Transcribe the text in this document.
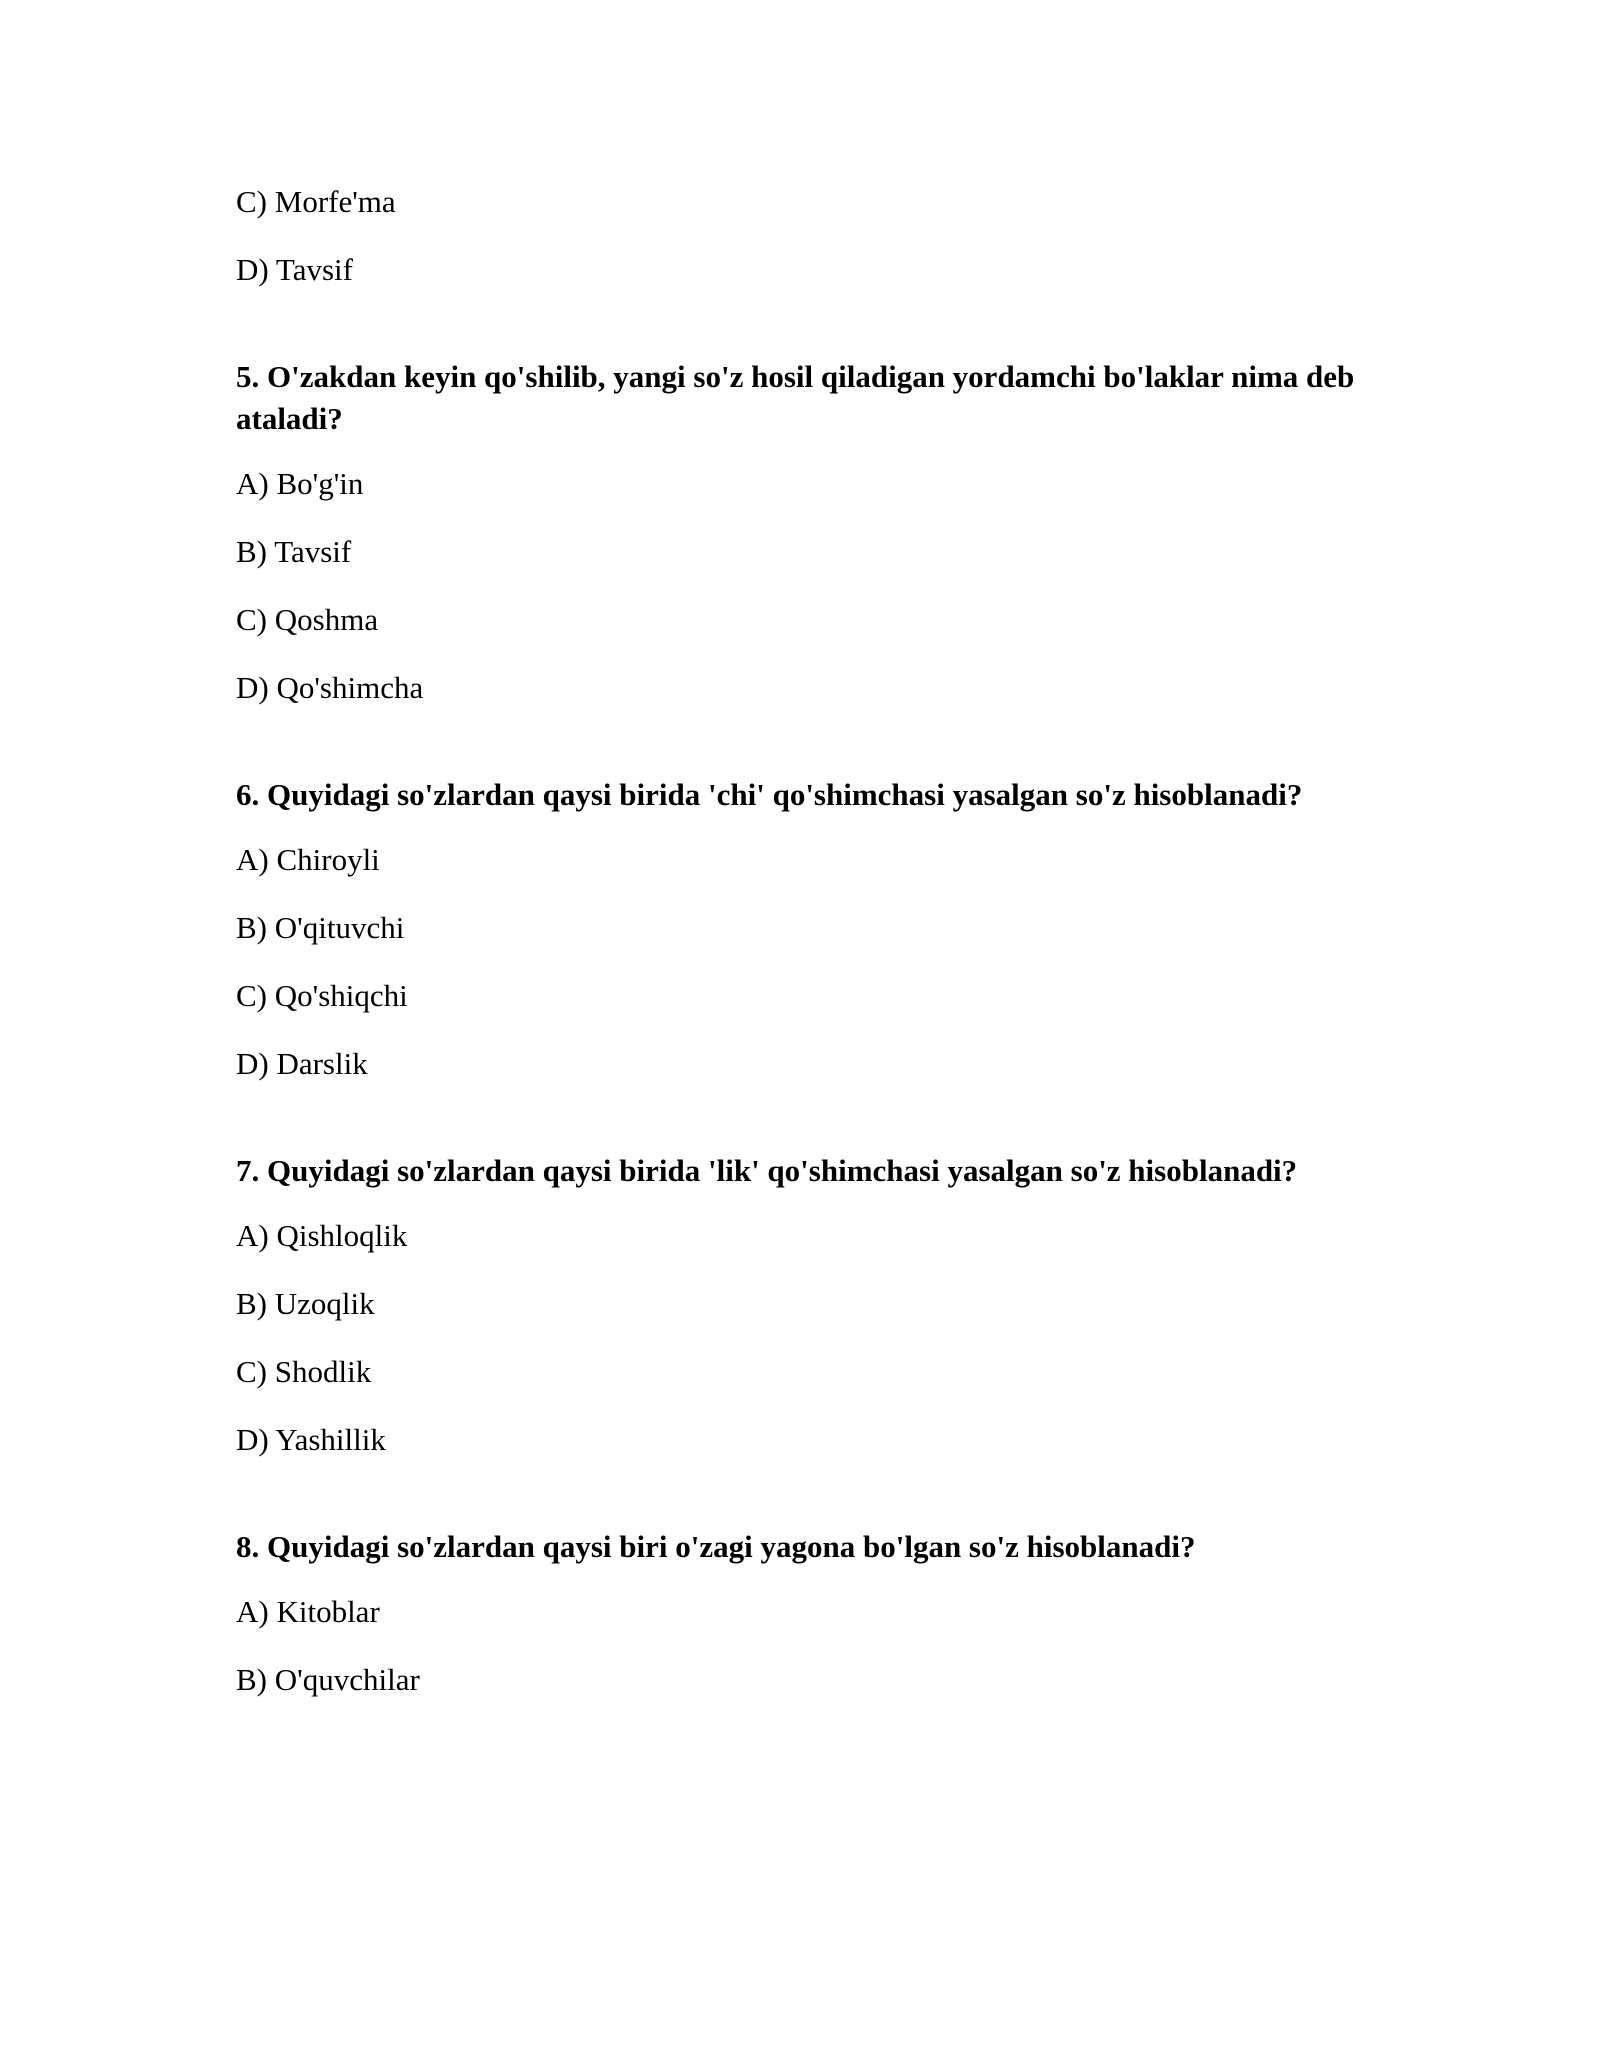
C) Morfe'ma
D) Tavsif
5. O'zakdan keyin qo'shilib, yangi so'z hosil qiladigan yordamchi bo'laklar nima deb ataladi?
A) Bo'g'in
B) Tavsif
C) Qoshma
D) Qo'shimcha
6. Quyidagi so'zlardan qaysi birida 'chi' qo'shimchasi yasalgan so'z hisoblanadi?
A) Chiroyli
B) O'qituvchi
C) Qo'shiqchi
D) Darslik
7. Quyidagi so'zlardan qaysi birida 'lik' qo'shimchasi yasalgan so'z hisoblanadi?
A) Qishloqlik
B) Uzoqlik
C) Shodlik
D) Yashillik
8. Quyidagi so'zlardan qaysi biri o'zagi yagona bo'lgan so'z hisoblanadi?
A) Kitoblar
B) O'quvchilar
